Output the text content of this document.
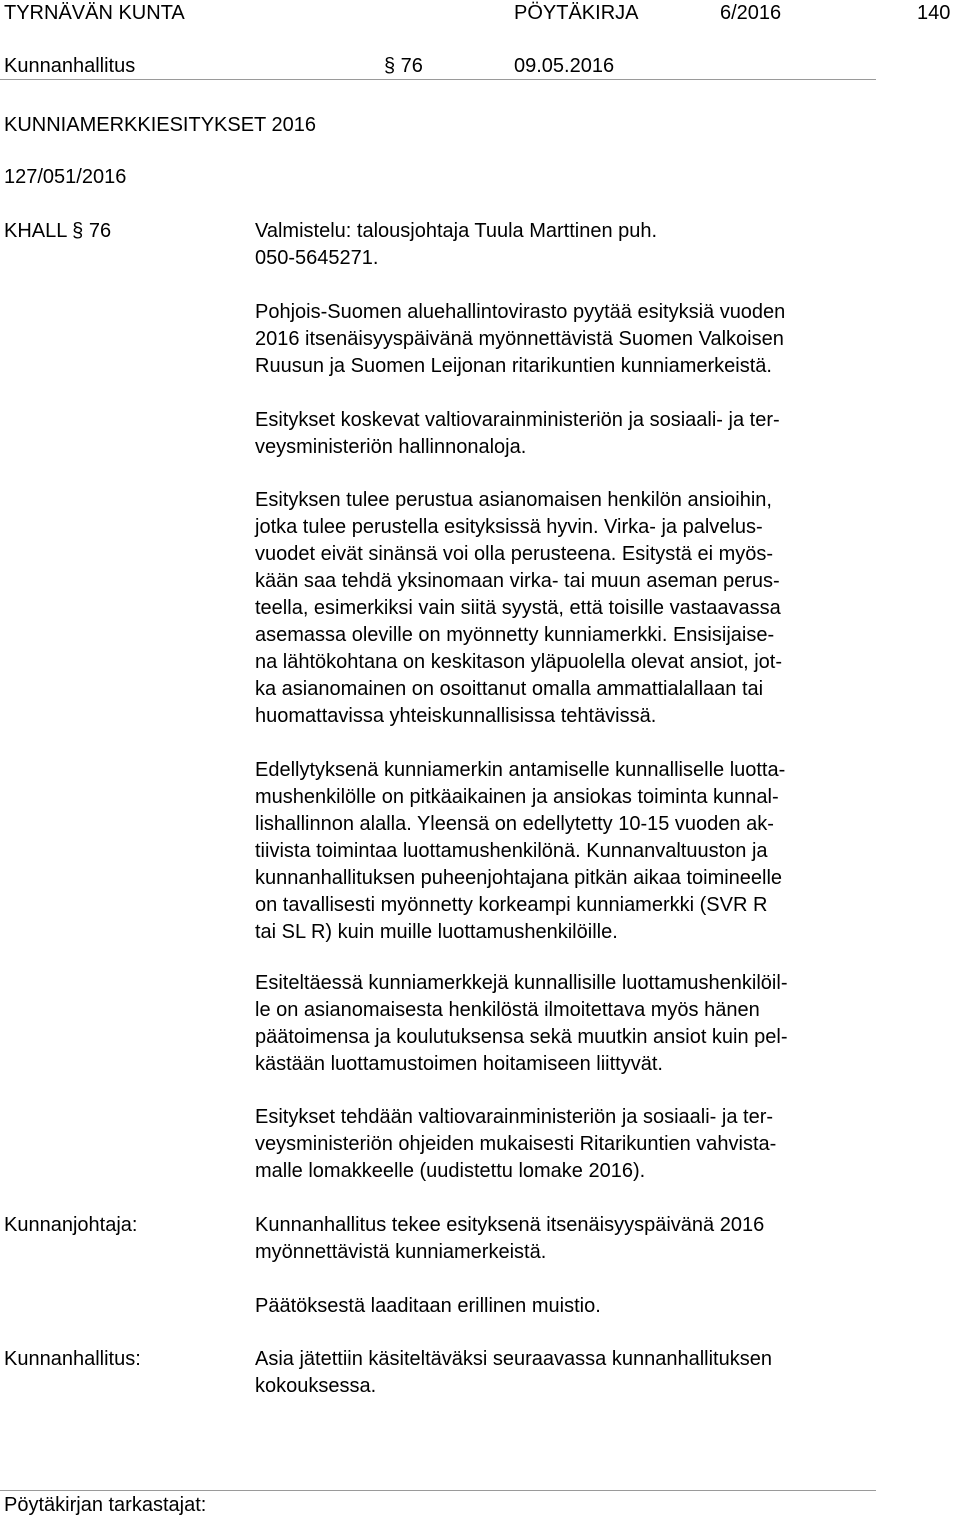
TYRNÄVÄN KUNTA	PÖYTÄKIRJA	6/2016	140
Kunnanhallitus	§ 76	09.05.2016
KUNNIAMERKKIESITYKSET 2016
127/051/2016
KHALL § 76	Valmistelu: talousjohtaja Tuula Marttinen puh.
050-5645271.
Pohjois-Suomen aluehallintovirasto pyytää esityksiä vuoden
2016 itsenäisyyspäivänä myönnettävistä Suomen Valkoisen
Ruusun ja Suomen Leijonan ritarikuntien kunniamerkeistä.
Esitykset koskevat valtiovarainministeriön ja sosiaali- ja ter-
veysministeriön hallinnonaloja.
Esityksen tulee perustua asianomaisen henkilön ansioihin,
jotka tulee perustella esityksissä hyvin. Virka- ja palvelus-
vuodet eivät sinänsä voi olla perusteena. Esitystä ei myös-
kään saa tehdä yksinomaan virka- tai muun aseman perus-
teella, esimerkiksi vain siitä syystä, että toisille vastaavassa
asemassa oleville on myönnetty kunniamerkki. Ensisijaise-
na lähtökohtana on keskitason yläpuolella olevat ansiot, jot-
ka asianomainen on osoittanut omalla ammattialallaan tai
huomattavissa yhteiskunnallisissa tehtävissä.
Edellytyksenä kunniamerkin antamiselle kunnalliselle luotta-
mushenkilölle on pitkäaikainen ja ansiokas toiminta kunnal-
lishallinnon alalla. Yleensä on edellytetty 10-15 vuoden ak-
tiivista toimintaa luottamushenkilönä. Kunnanvaltuuston ja
kunnanhallituksen puheenjohtajana pitkän aikaa toimineelle
on tavallisesti myönnetty korkeampi kunniamerkki (SVR R
tai SL R) kuin muille luottamushenkilöille.
Esiteltäessä kunniamerkkejä kunnallisille luottamushenkilöil-
le on asianomaisesta henkilöstä ilmoitettava myös hänen
päätoimensa ja koulutuksensa sekä muutkin ansiot kuin pel-
kästään luottamustoimen hoitamiseen liittyvät.
Esitykset tehdään valtiovarainministeriön ja sosiaali- ja ter-
veysministeriön ohjeiden mukaisesti Ritarikuntien vahvista-
malle lomakkeelle (uudistettu lomake 2016).
Kunnanjohtaja:	Kunnanhallitus tekee esityksenä itsenäisyyspäivänä 2016
myönnettävistä kunniamerkeistä.
Päätöksestä laaditaan erillinen muistio.
Kunnanhallitus:	Asia jätettiin käsiteltäväksi seuraavassa kunnanhallituksen
kokouksessa.
Pöytäkirjan tarkastajat:
